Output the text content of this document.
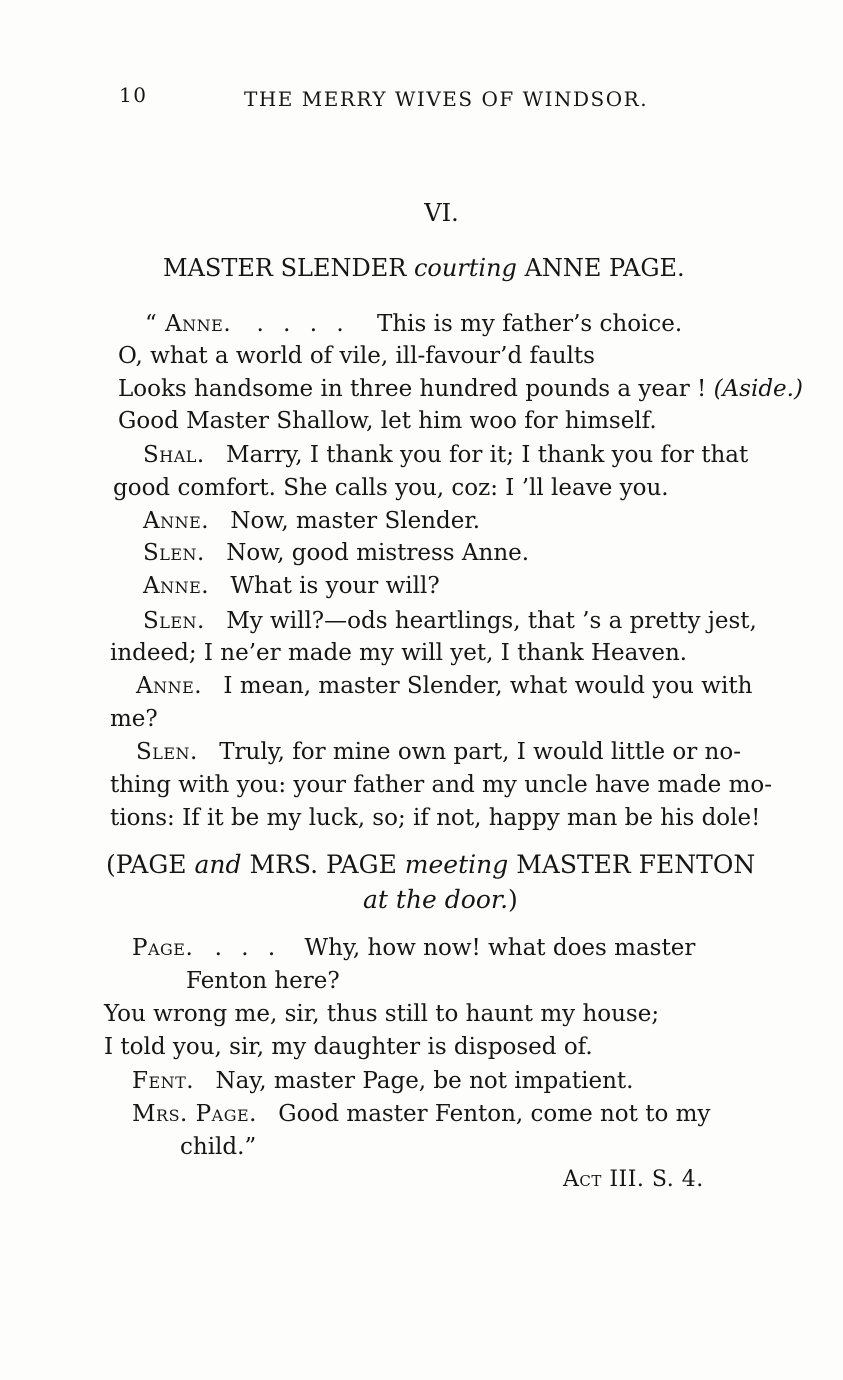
10	THE MERRY WIVES OF WINDSOR.
VI.
MASTER SLENDER courting ANNE PAGE.
“ Anne. . . . . This is my father’s choice.
O, what a world of vile, ill-favour’d faults
Looks handsome in three hundred pounds a year ! (Aside.)
Good Master Shallow, let him woo for himself.
Shal. Marry, I thank you for it; I thank you for that
good comfort. She calls you, coz: I ’ll leave you.
Anne. Now, master Slender.
Slen. Now, good mistress Anne.
Anne. What is your will?
Slen. My will?—ods heartlings, that ’s a pretty jest,
indeed; I ne’er made my will yet, I thank Heaven.
Anne. I mean, master Slender, what would you with
me?
Slen. Truly, for mine own part, I would little or no-
thing with you: your father and my uncle have made mo-
tions: If it be my luck, so; if not, happy man be his dole!
(PAGE and MRS. PAGE meeting MASTER FENTON
at the door.)
Page. . . . Why, how now! what does master
Fenton here?
You wrong me, sir, thus still to haunt my house;
I told you, sir, my daughter is disposed of.
Fent. Nay, master Page, be not impatient.
Mrs. Page. Good master Fenton, come not to my
child.”
Act III. S. 4.
